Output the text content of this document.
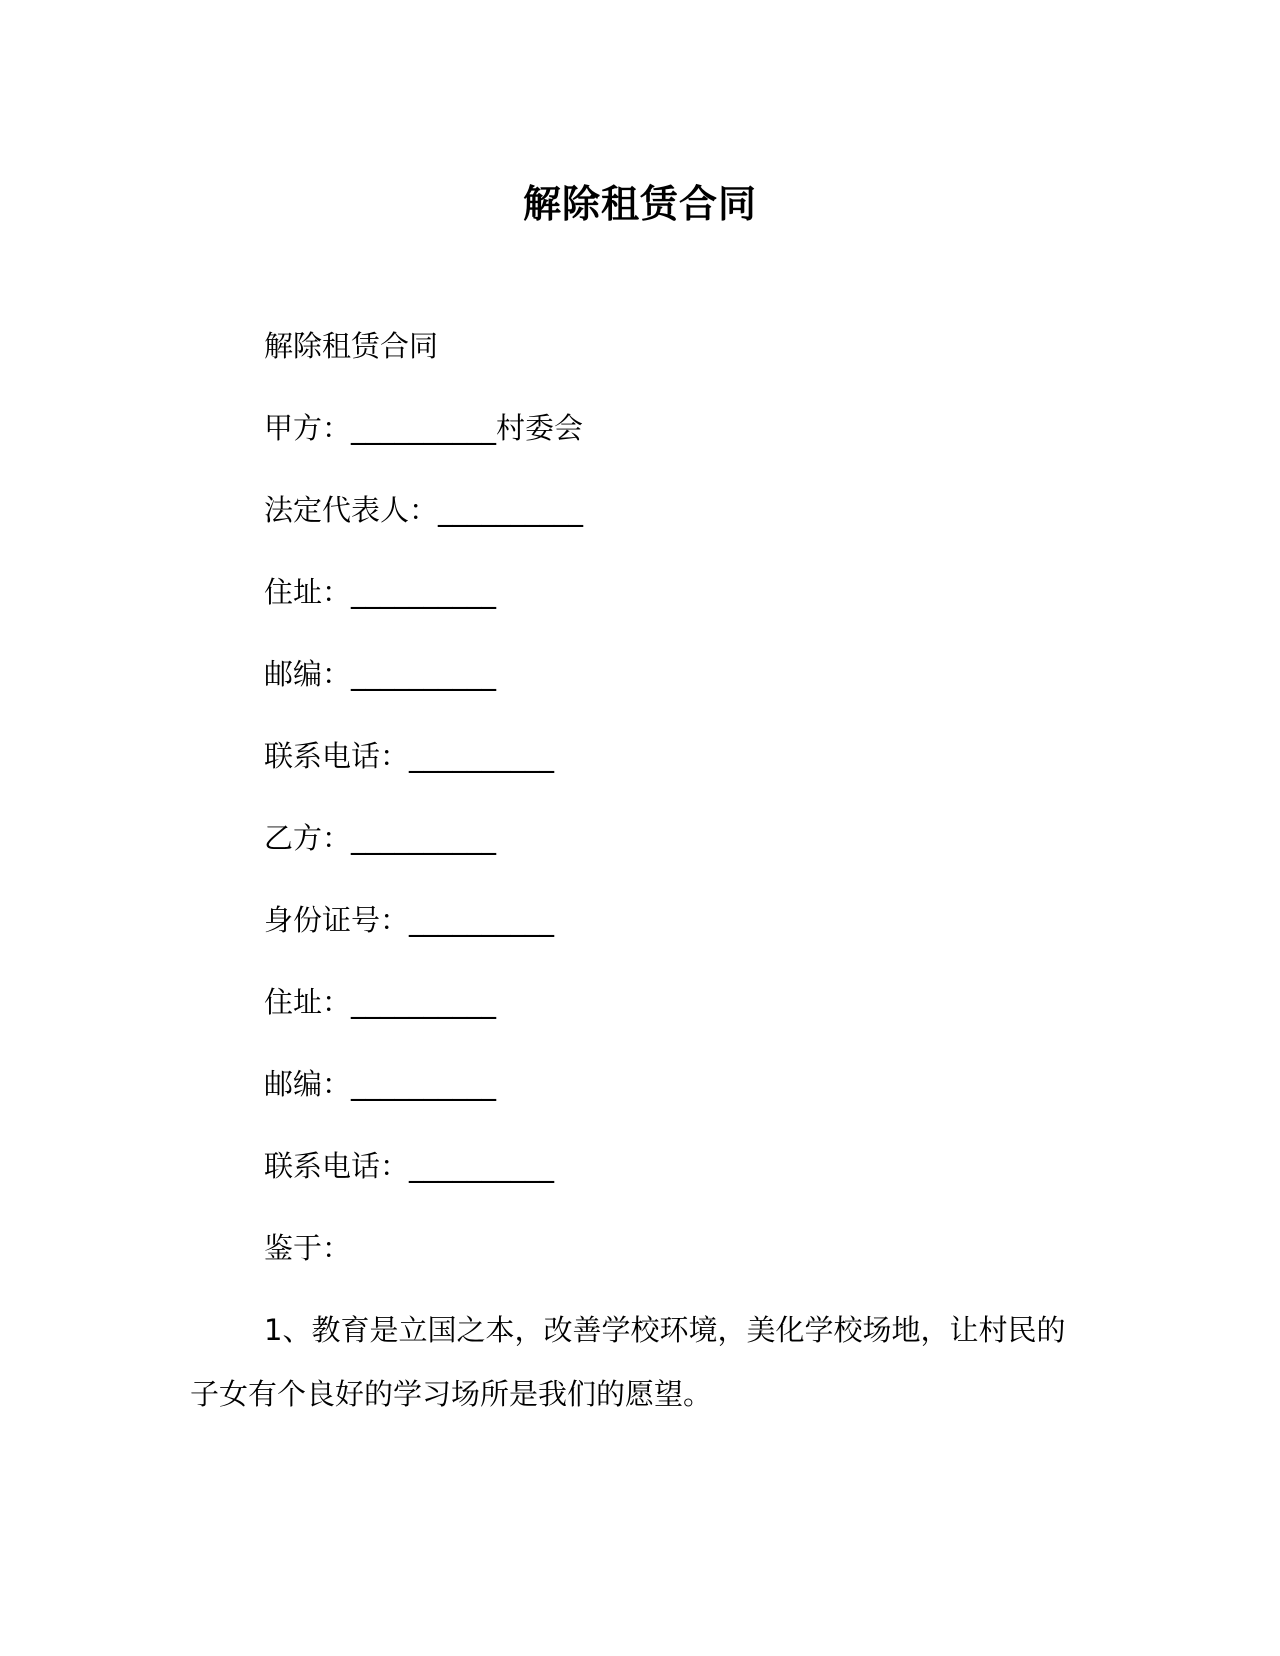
解除租赁合同
解除租赁合同
甲方：__________村委会
法定代表人：__________
住址：__________
邮编：__________
联系电话：__________
乙方：__________
身份证号：__________
住址：__________
邮编：__________
联系电话：__________
鉴于：
1、教育是立国之本，改善学校环境，美化学校场地，让村民的
子女有个良好的学习场所是我们的愿望。
